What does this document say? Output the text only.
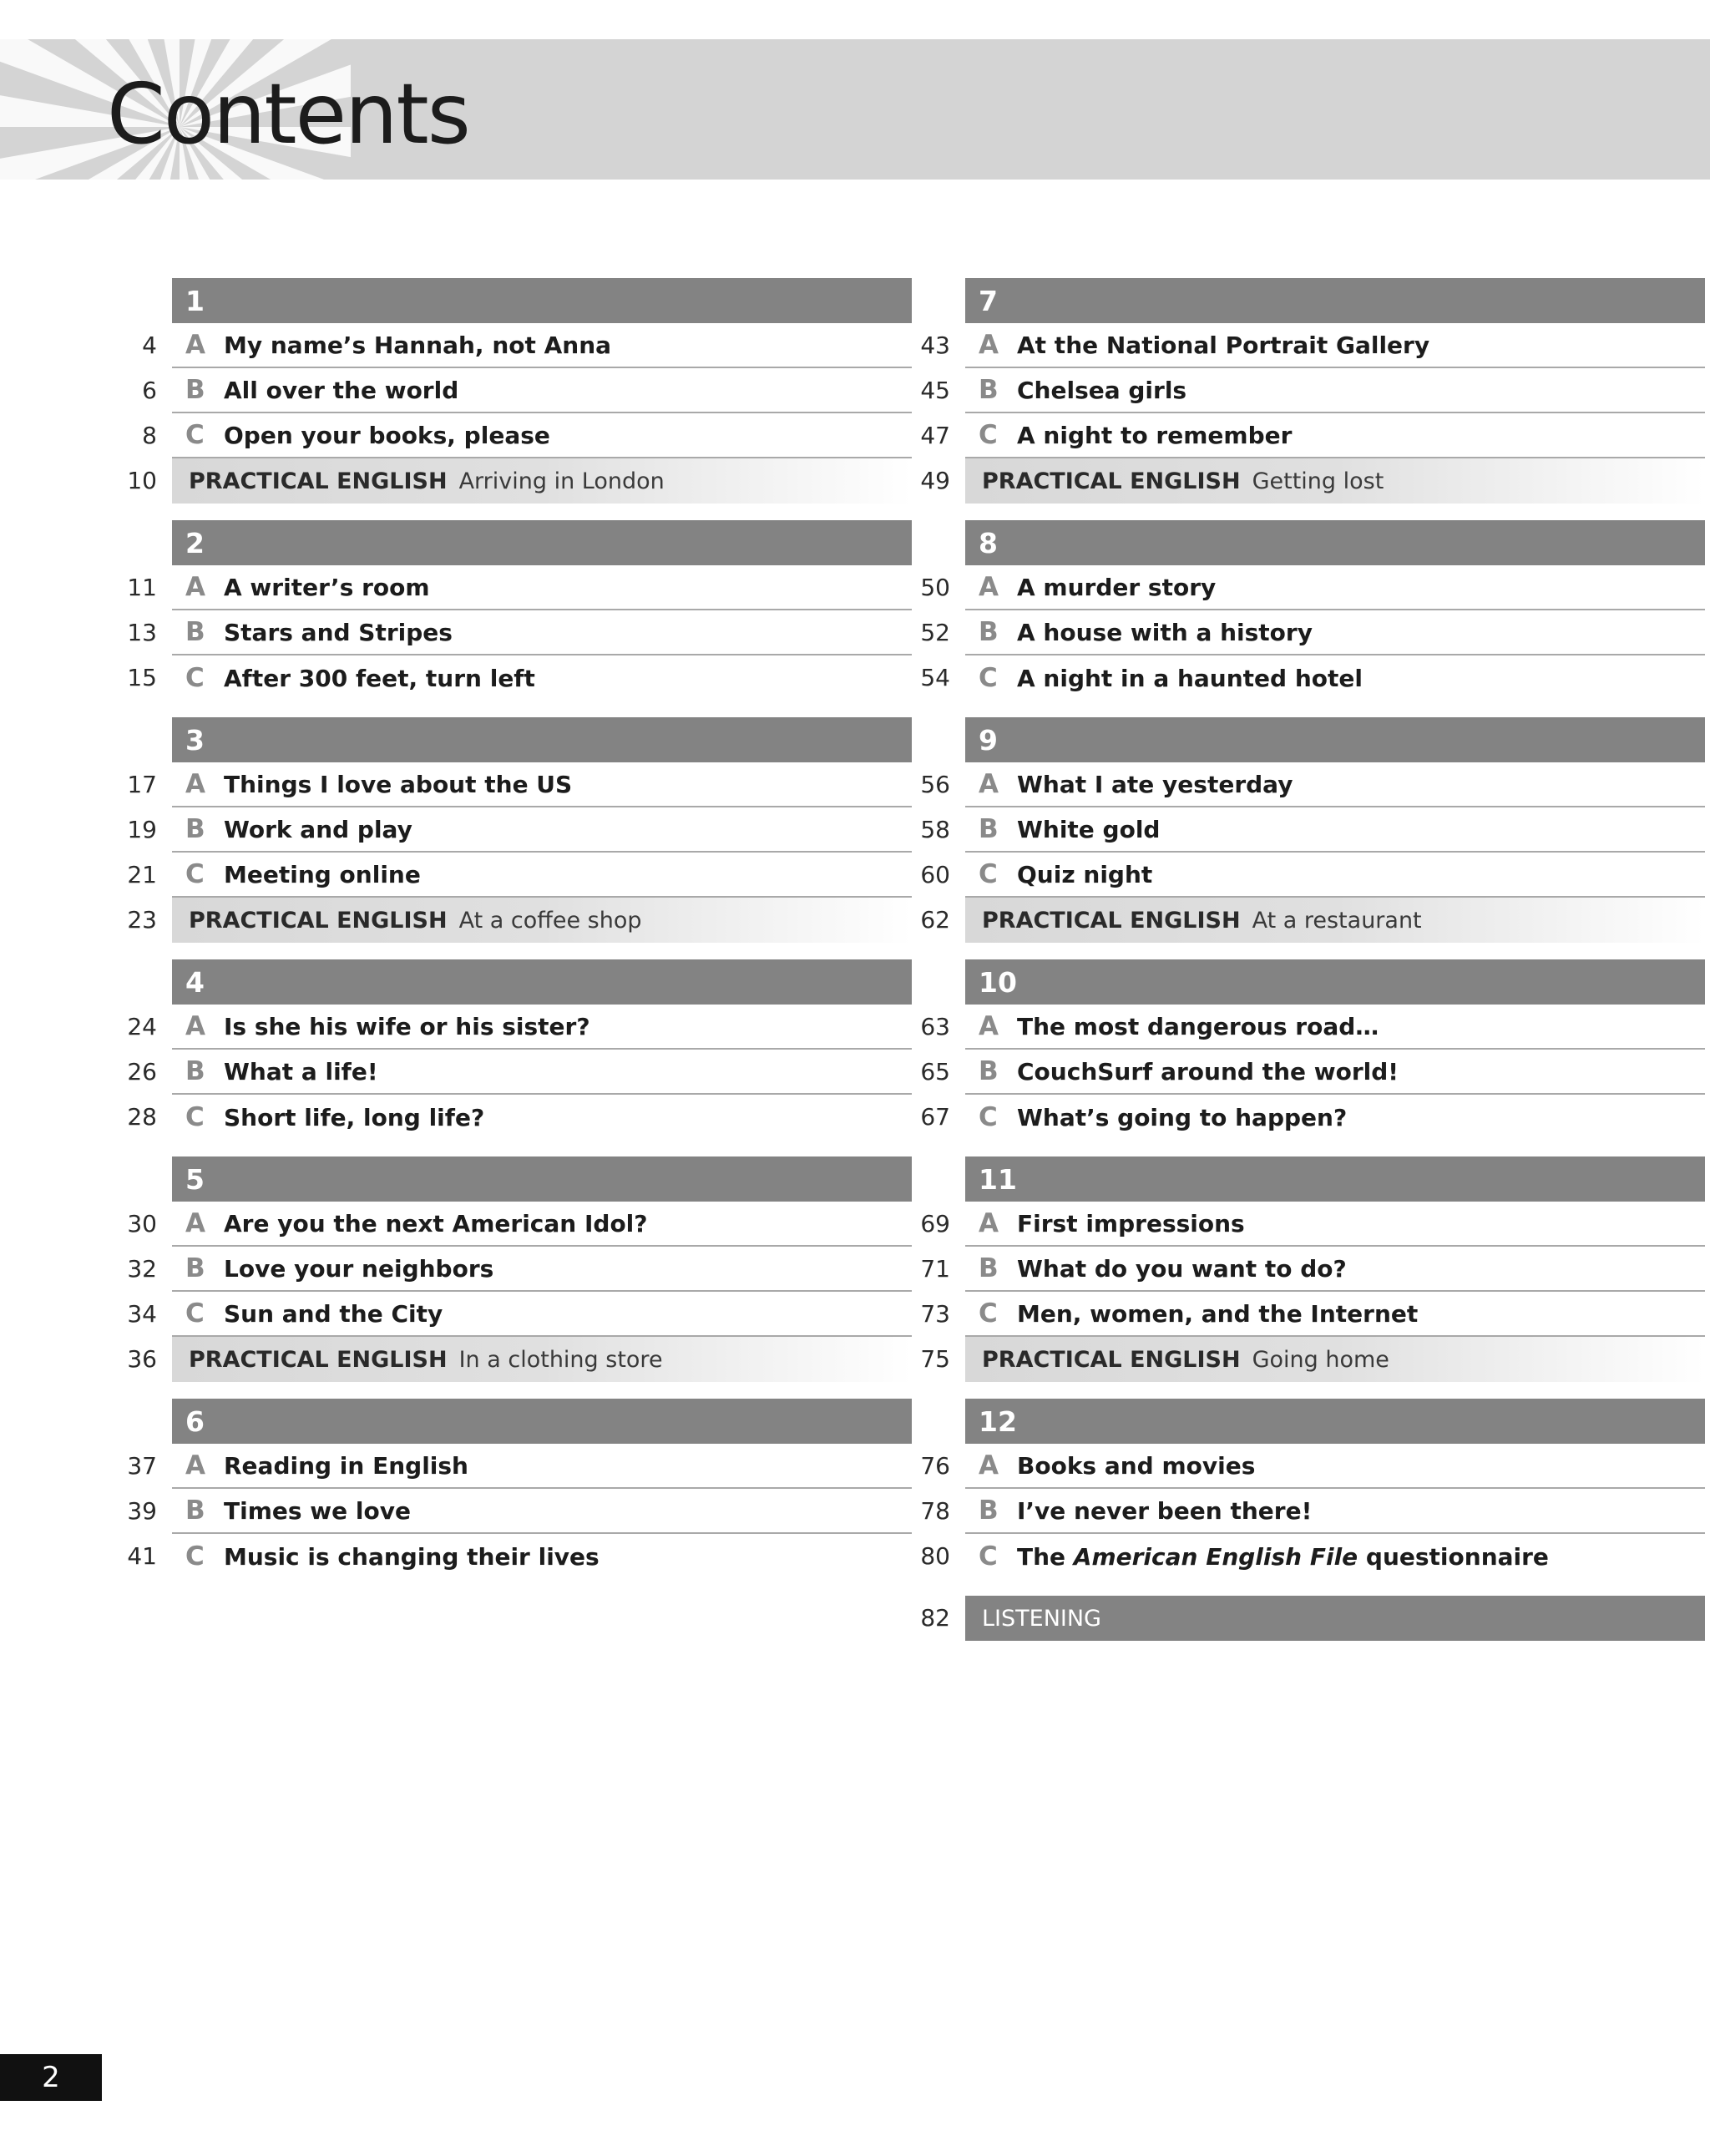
Contents
1
4	A My name’s Hannah, not Anna
6	B All over the world
8	C Open your books, please
10	PRACTICAL ENGLISH Arriving in London
2
11	A A writer’s room
13	B Stars and Stripes
15	C After 300 feet, turn left
3
17	A Things I love about the US
19	B Work and play
21	C Meeting online
23	PRACTICAL ENGLISH At a coffee shop
4
24	A Is she his wife or his sister?
26	B What a life!
28	C Short life, long life?
5
30	A Are you the next American Idol?
32	B Love your neighbors
34	C Sun and the City
36	PRACTICAL ENGLISH In a clothing store
6
37	A Reading in English
39	B Times we love
41	C Music is changing their lives
7
43	A At the National Portrait Gallery
45	B Chelsea girls
47	C A night to remember
49	PRACTICAL ENGLISH Getting lost
8
50	A A murder story
52	B A house with a history
54	C A night in a haunted hotel
9
56	A What I ate yesterday
58	B White gold
60	C Quiz night
62	PRACTICAL ENGLISH At a restaurant
10
63	A The most dangerous road…
65	B CouchSurf around the world!
67	C What’s going to happen?
11
69	A First impressions
71	B What do you want to do?
73	C Men, women, and the Internet
75	PRACTICAL ENGLISH Going home
12
76	A Books and movies
78	B I’ve never been there!
80	C The American English File questionnaire
82	LISTENING
2
